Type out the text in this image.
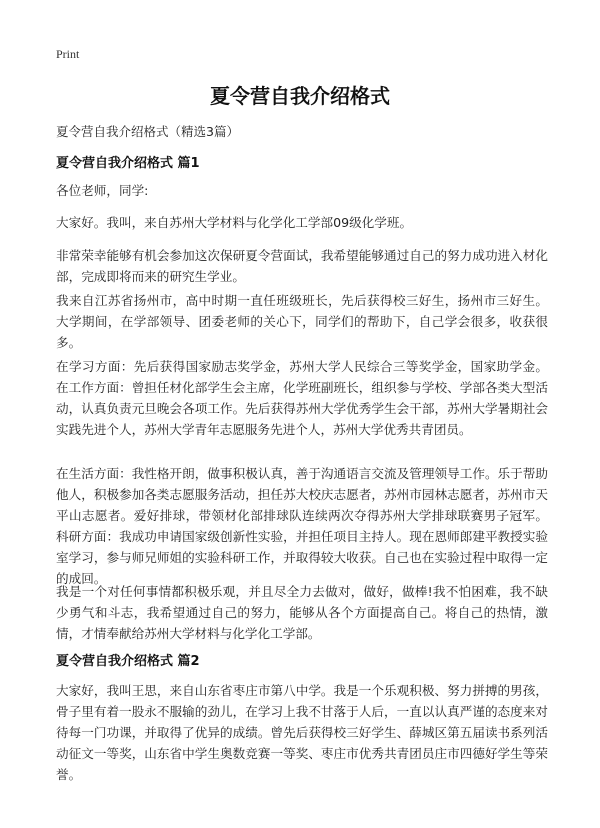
Print
夏令营自我介绍格式
夏令营自我介绍格式（精选3篇）
夏令营自我介绍格式 篇1
各位老师，同学:
大家好。我叫，来自苏州大学材料与化学化工学部09级化学班。
非常荣幸能够有机会参加这次保研夏令营面试，我希望能够通过自己的努力成功进入材化部，完成即将而来的研究生学业。
我来自江苏省扬州市，高中时期一直任班级班长，先后获得校三好生，扬州市三好生。 大学期间，在学部领导、团委老师的关心下，同学们的帮助下，自己学会很多，收获很多。
在学习方面：先后获得国家励志奖学金，苏州大学人民综合三等奖学金，国家助学金。 在工作方面：曾担任材化部学生会主席，化学班副班长，组织参与学校、学部各类大型活动，认真负责元旦晚会各项工作。先后获得苏州大学优秀学生会干部，苏州大学暑期社会实践先进个人，苏州大学青年志愿服务先进个人，苏州大学优秀共青团员。
在生活方面：我性格开朗，做事积极认真，善于沟通语言交流及管理领导工作。乐于帮助他人，积极参加各类志愿服务活动，担任苏大校庆志愿者，苏州市园林志愿者，苏州市天平山志愿者。爱好排球，带领材化部排球队连续两次夺得苏州大学排球联赛男子冠军。 科研方面：我成功申请国家级创新性实验，并担任项目主持人。现在恩师郎建平教授实验室学习，参与师兄师姐的实验科研工作，并取得较大收获。自己也在实验过程中取得一定的成回。
我是一个对任何事情都积极乐观，并且尽全力去做对，做好，做棒!我不怕困难，我不缺少勇气和斗志，我希望通过自己的努力，能够从各个方面提高自己。将自己的热情，激情，才情奉献给苏州大学材料与化学化工学部。
夏令营自我介绍格式 篇2
大家好，我叫王思，来自山东省枣庄市第八中学。我是一个乐观积极、努力拼搏的男孩，骨子里有着一股永不服输的劲儿，在学习上我不甘落于人后，一直以认真严谨的态度来对待每一门功课，并取得了优异的成绩。曾先后获得校三好学生、薛城区第五届读书系列活动征文一等奖，山东省中学生奥数竞赛一等奖、枣庄市优秀共青团员庄市四德好学生等荣誉。
